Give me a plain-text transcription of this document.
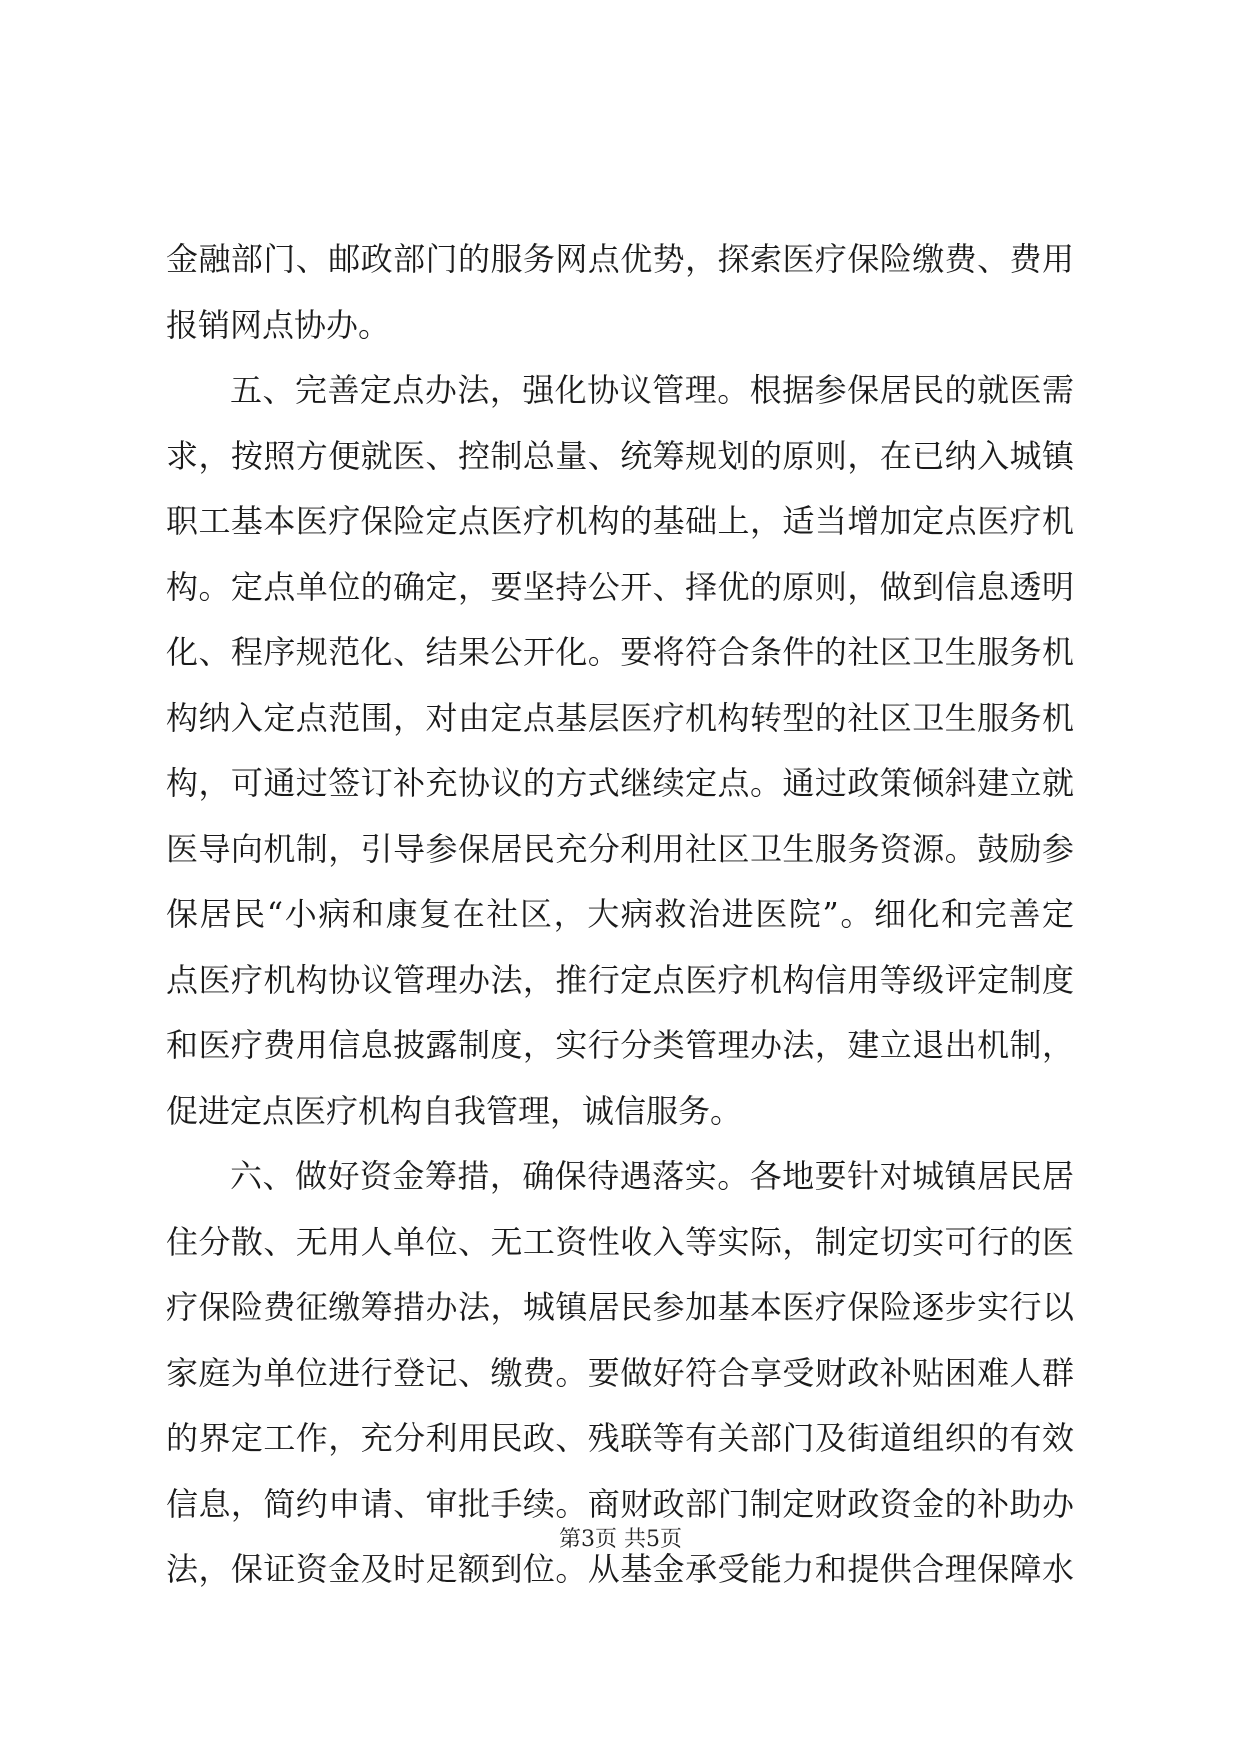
金融部门、邮政部门的服务网点优势，探索医疗保险缴费、费用
报销网点协办。
五、完善定点办法，强化协议管理。根据参保居民的就医需
求，按照方便就医、控制总量、统筹规划的原则，在已纳入城镇
职工基本医疗保险定点医疗机构的基础上，适当增加定点医疗机
构。定点单位的确定，要坚持公开、择优的原则，做到信息透明
化、程序规范化、结果公开化。要将符合条件的社区卫生服务机
构纳入定点范围，对由定点基层医疗机构转型的社区卫生服务机
构，可通过签订补充协议的方式继续定点。通过政策倾斜建立就
医导向机制，引导参保居民充分利用社区卫生服务资源。鼓励参
保居民“小病和康复在社区，大病救治进医院”。细化和完善定
点医疗机构协议管理办法，推行定点医疗机构信用等级评定制度
和医疗费用信息披露制度，实行分类管理办法，建立退出机制，
促进定点医疗机构自我管理，诚信服务。
六、做好资金筹措，确保待遇落实。各地要针对城镇居民居
住分散、无用人单位、无工资性收入等实际，制定切实可行的医
疗保险费征缴筹措办法，城镇居民参加基本医疗保险逐步实行以
家庭为单位进行登记、缴费。要做好符合享受财政补贴困难人群
的界定工作，充分利用民政、残联等有关部门及街道组织的有效
信息，简约申请、审批手续。商财政部门制定财政资金的补助办
法，保证资金及时足额到位。从基金承受能力和提供合理保障水
第3页 共5页
